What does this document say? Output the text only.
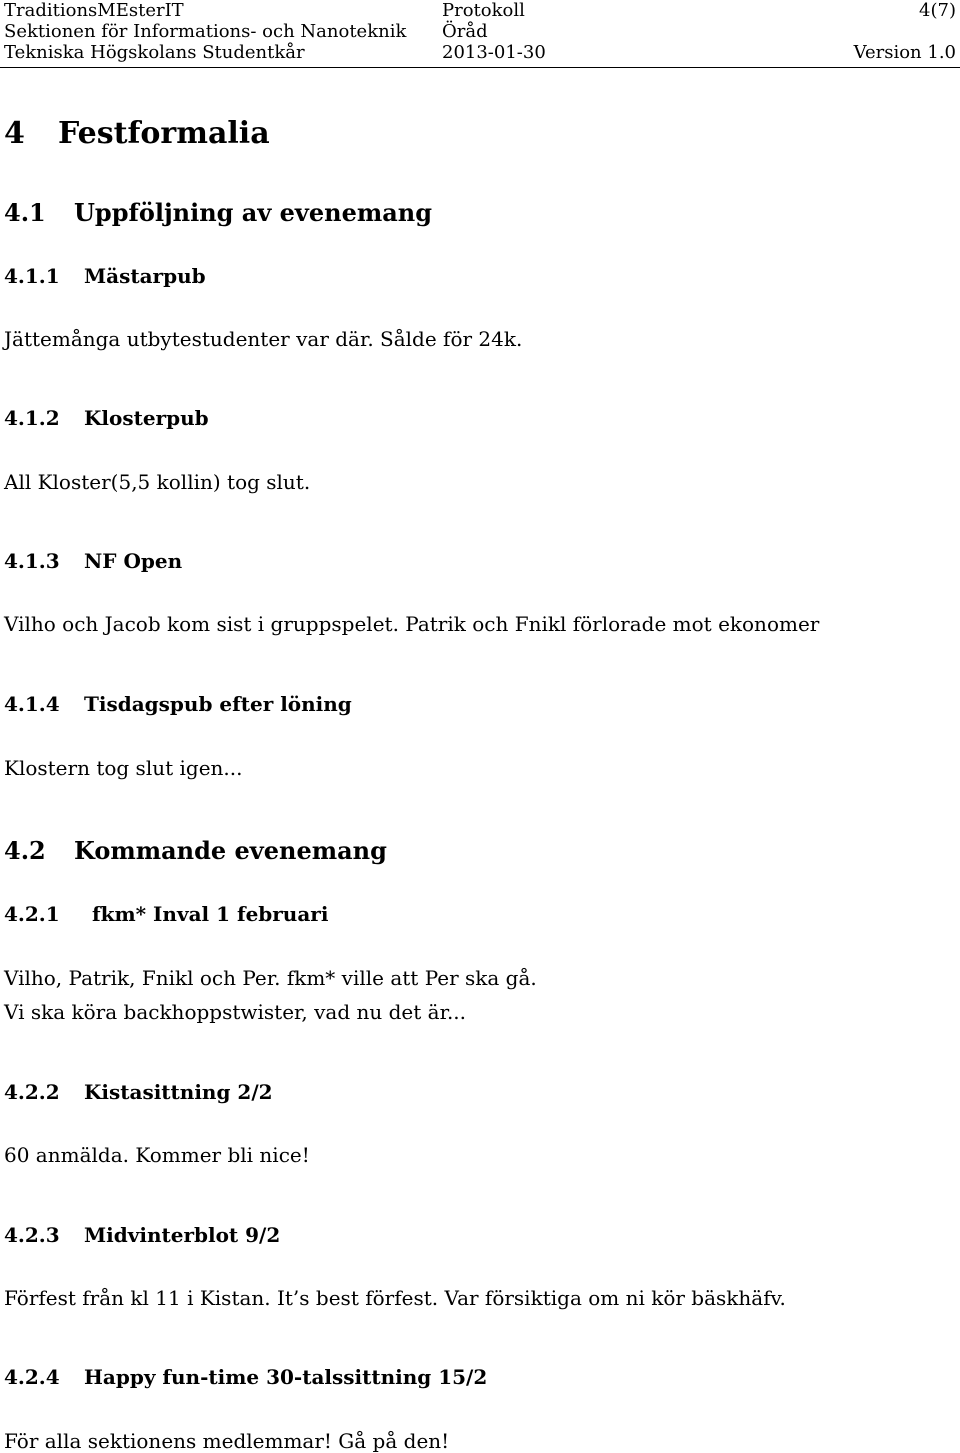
TraditionsMEsterIT	Protokoll	4(7)
Sektionen för Informations- och Nanoteknik Öråd
Tekniska Högskolans Studentkår	2013-01-30	Version 1.0
4 Festformalia
4.1 Uppföljning av evenemang
4.1.1 Mästarpub
Jättemånga utbytestudenter var där. Sålde för 24k.
4.1.2 Klosterpub
All Kloster(5,5 kollin) tog slut.
4.1.3 NF Open
Vilho och Jacob kom sist i gruppspelet. Patrik och Fnikl förlorade mot ekonomer
4.1.4 Tisdagspub efter löning
Klostern tog slut igen...
4.2 Kommande evenemang
4.2.1 fkm* Inval 1 februari
Vilho, Patrik, Fnikl och Per. fkm* ville att Per ska gå.
Vi ska köra backhoppstwister, vad nu det är...
4.2.2 Kistasittning 2/2
60 anmälda. Kommer bli nice!
4.2.3 Midvinterblot 9/2
Förfest från kl 11 i Kistan. It’s best förfest. Var försiktiga om ni kör bäskhäfv.
4.2.4 Happy fun-time 30-talssittning 15/2
För alla sektionens medlemmar! Gå på den!
